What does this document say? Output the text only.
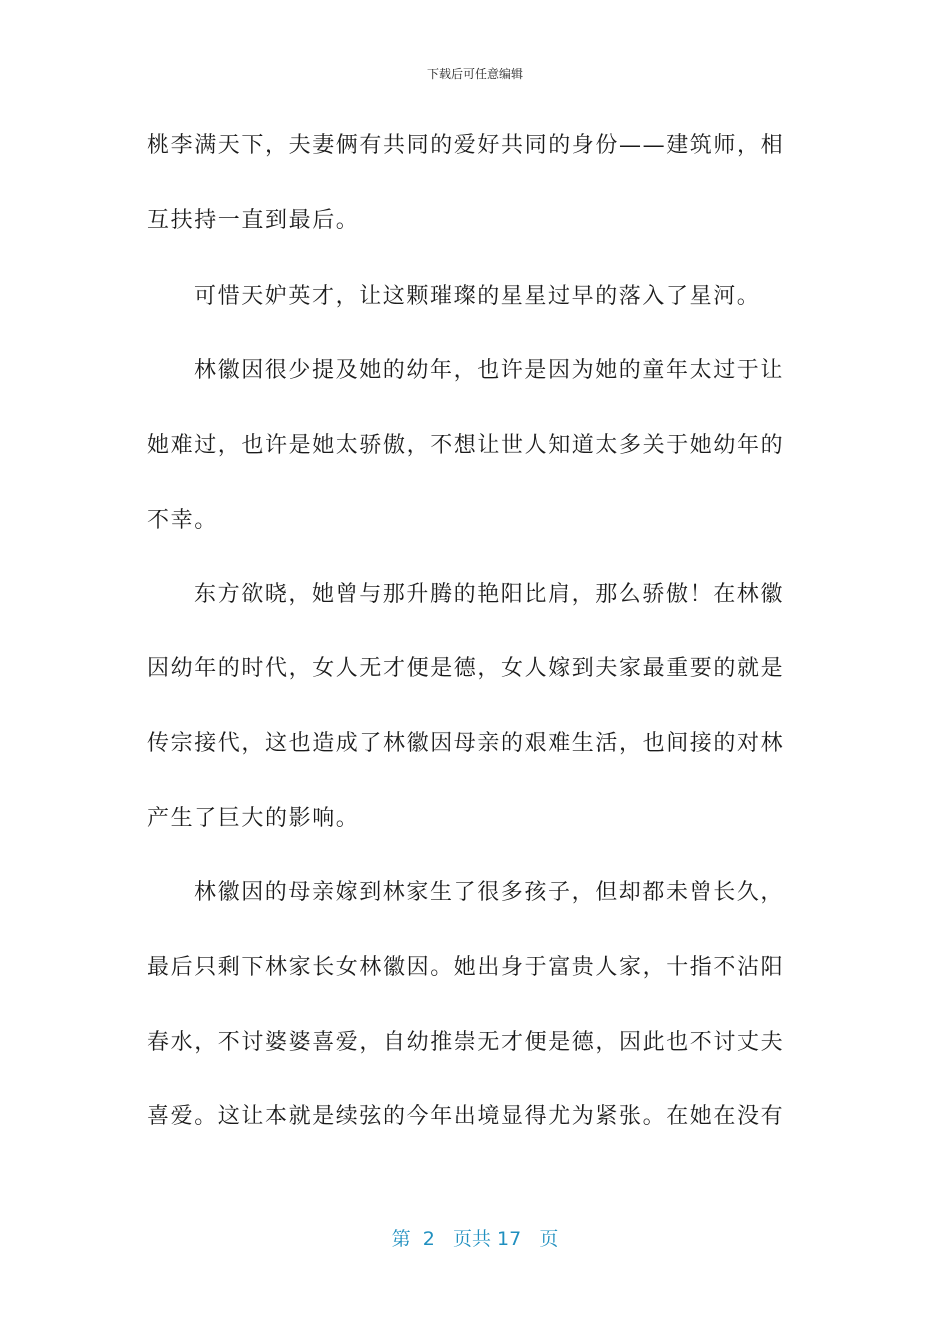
下载后可任意编辑
桃李满天下，夫妻俩有共同的爱好共同的身份——建筑师，相
互扶持一直到最后。
可惜天妒英才，让这颗璀璨的星星过早的落入了星河。
林徽因很少提及她的幼年，也许是因为她的童年太过于让
她难过，也许是她太骄傲，不想让世人知道太多关于她幼年的
不幸。
东方欲晓，她曾与那升腾的艳阳比肩，那么骄傲！在林徽
因幼年的时代，女人无才便是德，女人嫁到夫家最重要的就是
传宗接代，这也造成了林徽因母亲的艰难生活，也间接的对林
产生了巨大的影响。
林徽因的母亲嫁到林家生了很多孩子，但却都未曾长久，
最后只剩下林家长女林徽因。她出身于富贵人家，十指不沾阳
春水，不讨婆婆喜爱，自幼推崇无才便是德，因此也不讨丈夫
喜爱。这让本就是续弦的今年出境显得尤为紧张。在她在没有
第 2 页共 17 页
